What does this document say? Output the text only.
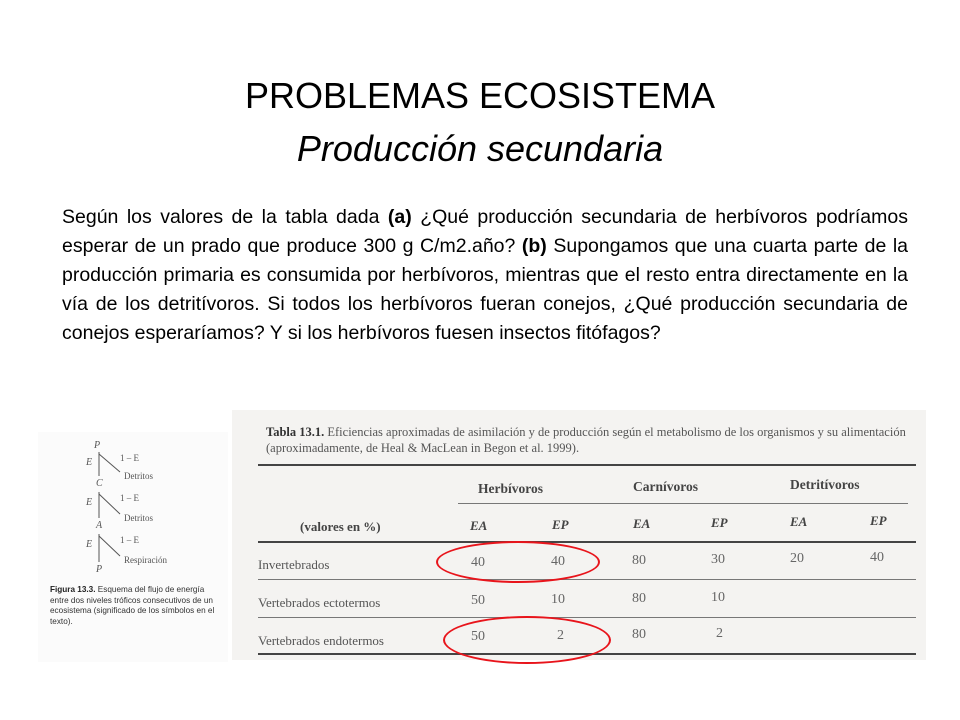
PROBLEMAS ECOSISTEMA
Producción secundaria
Según los valores de la tabla dada (a) ¿Qué producción secundaria de herbívoros podríamos esperar de un prado que produce 300 g C/m2.año? (b) Supongamos que una cuarta parte de la producción primaria es consumida por herbívoros, mientras que el resto entra directamente en la vía de los detritívoros. Si todos los herbívoros fueran conejos, ¿Qué producción secundaria de conejos esperaríamos? Y si los herbívoros fuesen insectos fitófagos?
P
E
C
E
A
E
P
1 – E
Detritos
1 – E
Detritos
1 – E
Respiración
Figura 13.3. Esquema del flujo de energía entre dos niveles tróficos consecutivos de un ecosistema (significado de los símbolos en el texto).
Tabla 13.1. Eficiencias aproximadas de asimilación y de producción según el metabolismo de los organismos y su alimentación (aproximadamente, de Heal & MacLean in Begon et al. 1999).
Herbívoros	Carnívoros	Detritívoros
(valores en %)	EA	EP	EA	EP	EA	EP
Invertebrados	40	40	80	30	20	40
Vertebrados ectotermos	50	10	80	10
Vertebrados endotermos	50	2	80	2
